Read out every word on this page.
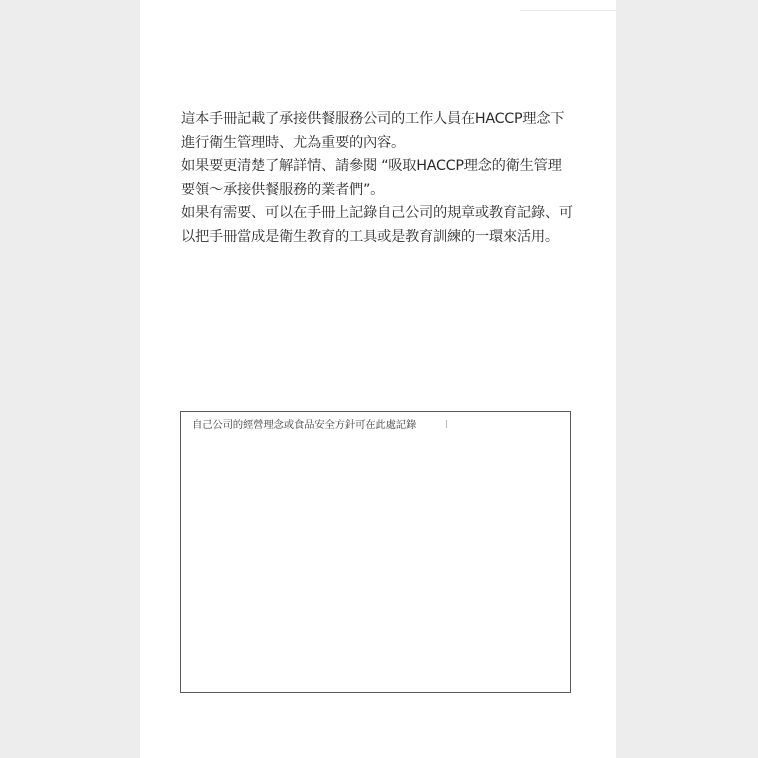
這本手冊記載了承接供餐服務公司的工作人員在HACCP理念下

進行衛生管理時、尤為重要的內容。

如果要更清楚了解詳情、請參閱 “吸取HACCP理念的衛生管理

要領〜承接供餐服務的業者們”。

如果有需要、可以在手冊上記錄自己公司的規章或教育記錄、可

以把手冊當成是衛生教育的工具或是教育訓練的一環來活用。

自己公司的經營理念或食品安全方針可在此處記錄
